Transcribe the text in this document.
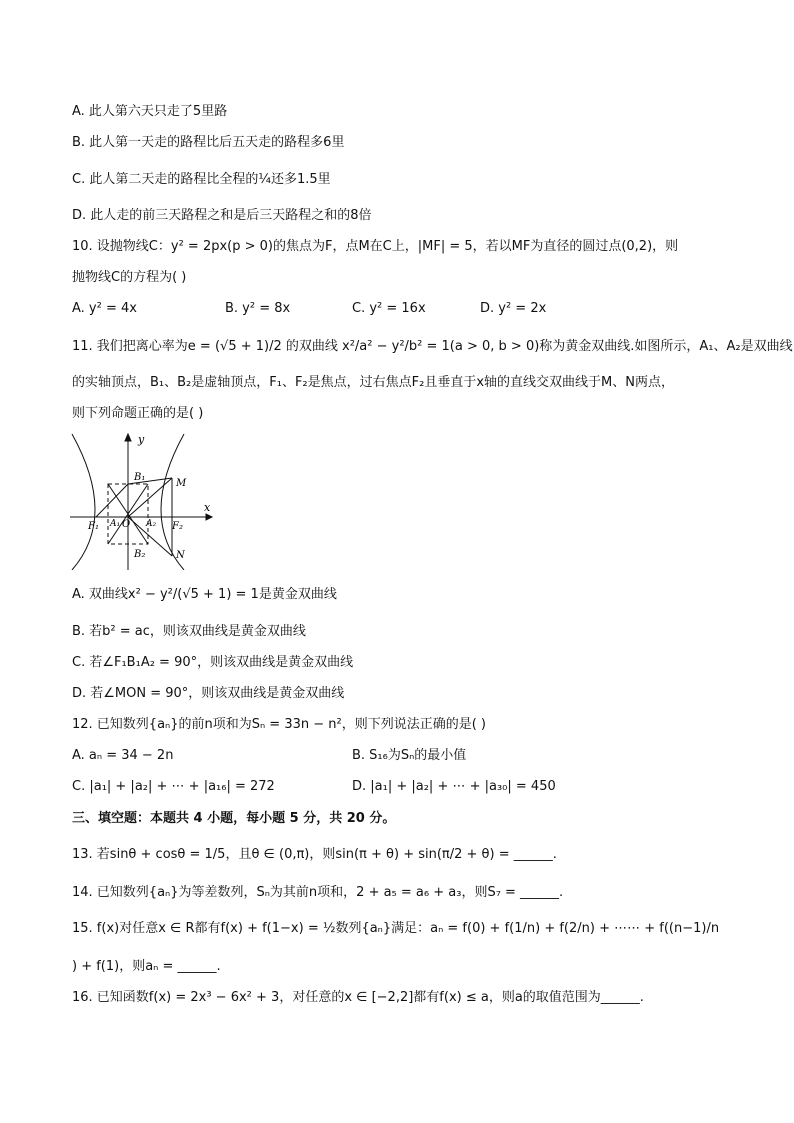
A. 此人第六天只走了5里路
B. 此人第一天走的路程比后五天走的路程多6里
C. 此人第二天走的路程比全程的¼还多1.5里
D. 此人走的前三天路程之和是后三天路程之和的8倍
10. 设抛物线C：y² = 2px(p > 0)的焦点为F，点M在C上，|MF| = 5，若以MF为直径的圆过点(0,2)，则
抛物线C的方程为( )
A. y² = 4x	B. y² = 8x	C. y² = 16x	D. y² = 2x
11. 我们把离心率为e = (√5 + 1)/2 的双曲线 x²/a² − y²/b² = 1(a > 0, b > 0)称为黄金双曲线.如图所示，A₁、A₂是双曲线
的实轴顶点，B₁、B₂是虚轴顶点，F₁、F₂是焦点，过右焦点F₂且垂直于x轴的直线交双曲线于M、N两点，
则下列命题正确的是( )
y
x
B₁
B₂
M
N
F₁	F₂
A₁	A₂
O
A. 双曲线x² − y²/(√5 + 1) = 1是黄金双曲线
B. 若b² = ac，则该双曲线是黄金双曲线
C. 若∠F₁B₁A₂ = 90°，则该双曲线是黄金双曲线
D. 若∠MON = 90°，则该双曲线是黄金双曲线
12. 已知数列{aₙ}的前n项和为Sₙ = 33n − n²，则下列说法正确的是( )
A. aₙ = 34 − 2n	B. S₁₆为Sₙ的最小值
C. |a₁| + |a₂| + ⋯ + |a₁₆| = 272	D. |a₁| + |a₂| + ⋯ + |a₃₀| = 450
三、填空题：本题共 4 小题，每小题 5 分，共 20 分。
13. 若sinθ + cosθ = 1/5，且θ ∈ (0,π)，则sin(π + θ) + sin(π/2 + θ) = ______.
14. 已知数列{aₙ}为等差数列，Sₙ为其前n项和，2 + a₅ = a₆ + a₃，则S₇ = ______.
15. f(x)对任意x ∈ R都有f(x) + f(1−x) = ½数列{aₙ}满足：aₙ = f(0) + f(1/n) + f(2/n) + ⋯⋯ + f((n−1)/n
) + f(1)，则aₙ = ______.
16. 已知函数f(x) = 2x³ − 6x² + 3，对任意的x ∈ [−2,2]都有f(x) ≤ a，则a的取值范围为______.
